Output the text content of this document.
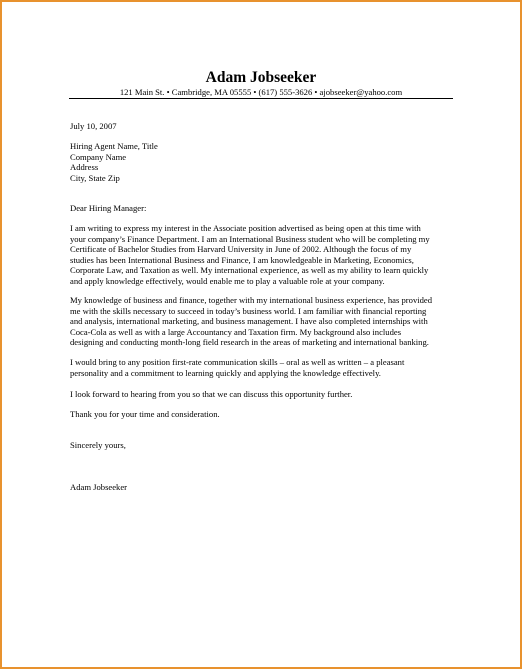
Adam Jobseeker
121 Main St. • Cambridge, MA 05555 • (617) 555-3626 • ajobseeker@yahoo.com
July 10, 2007
Hiring Agent Name, Title
Company Name
Address
City, State Zip
Dear Hiring Manager:
I am writing to express my interest in the Associate position advertised as being open at this time with
your company’s Finance Department. I am an International Business student who will be completing my
Certificate of Bachelor Studies from Harvard University in June of 2002. Although the focus of my
studies has been International Business and Finance, I am knowledgeable in Marketing, Economics,
Corporate Law, and Taxation as well. My international experience, as well as my ability to learn quickly
and apply knowledge effectively, would enable me to play a valuable role at your company.
My knowledge of business and finance, together with my international business experience, has provided
me with the skills necessary to succeed in today’s business world. I am familiar with financial reporting
and analysis, international marketing, and business management. I have also completed internships with
Coca-Cola as well as with a large Accountancy and Taxation firm. My background also includes
designing and conducting month-long field research in the areas of marketing and international banking.
I would bring to any position first-rate communication skills – oral as well as written – a pleasant
personality and a commitment to learning quickly and applying the knowledge effectively.
I look forward to hearing from you so that we can discuss this opportunity further.
Thank you for your time and consideration.
Sincerely yours,
Adam Jobseeker
